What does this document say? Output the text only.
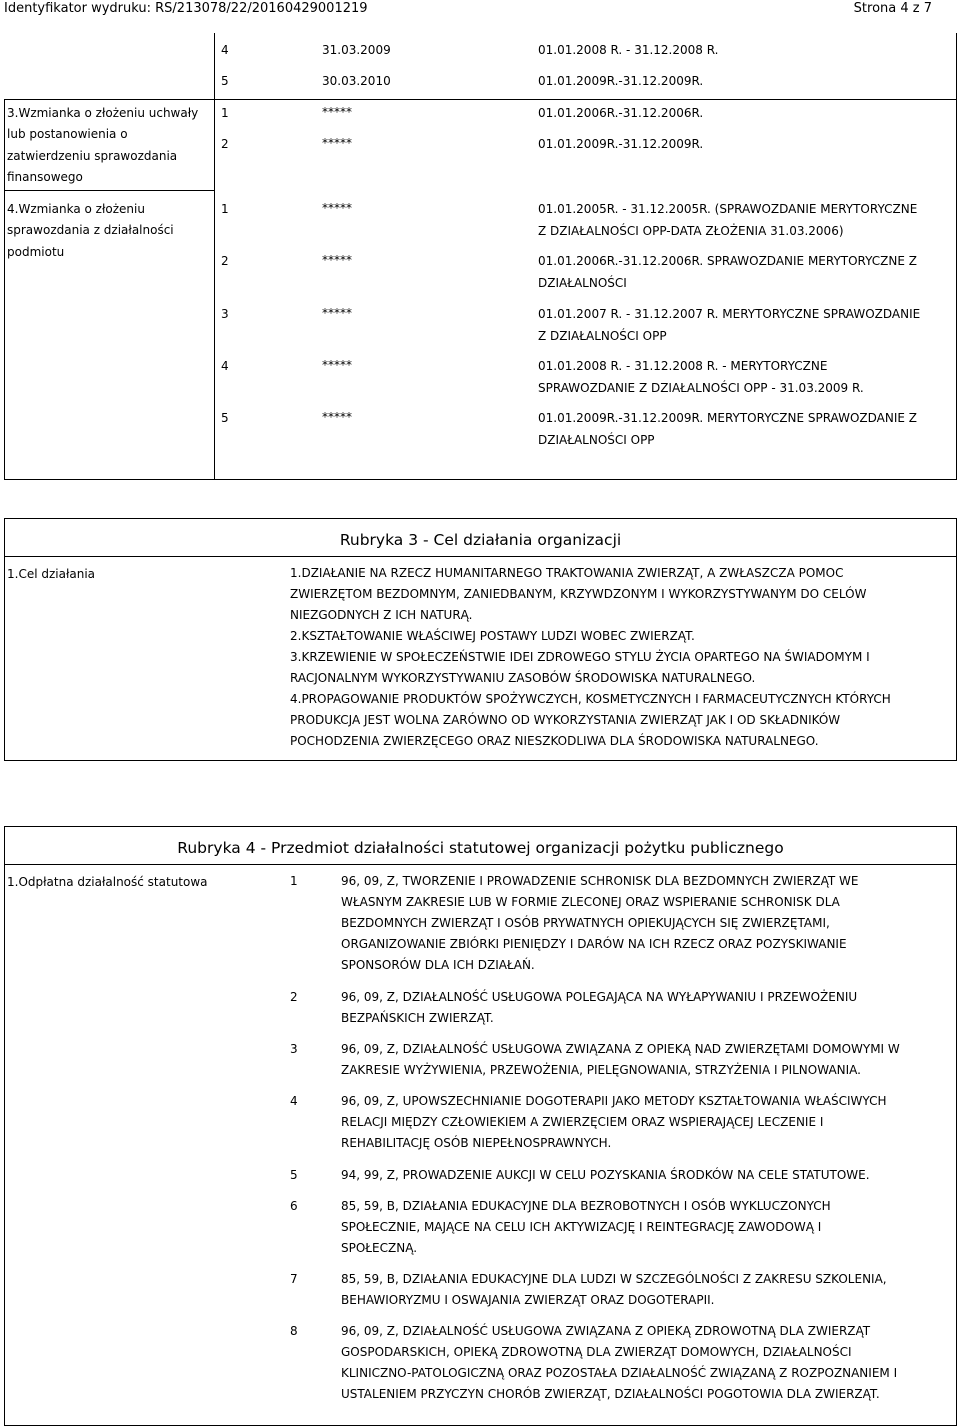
Identyfikator wydruku: RS/213078/22/20160429001219	Strona 4 z 7
4	31.03.2009	01.01.2008 R. - 31.12.2008 R.
5	30.03.2010	01.01.2009R.-31.12.2009R.
3.Wzmianka o złożeniu uchwały
lub postanowienia o
zatwierdzeniu sprawozdania
finansowego
1	*****	01.01.2006R.-31.12.2006R.
2	*****	01.01.2009R.-31.12.2009R.
4.Wzmianka o złożeniu
sprawozdania z działalności
podmiotu
1	*****	01.01.2005R. - 31.12.2005R. (SPRAWOZDANIE MERYTORYCZNE
Z DZIAŁALNOŚCI OPP-DATA ZŁOŻENIA 31.03.2006)
2	*****	01.01.2006R.-31.12.2006R. SPRAWOZDANIE MERYTORYCZNE Z
DZIAŁALNOŚCI
3	*****	01.01.2007 R. - 31.12.2007 R. MERYTORYCZNE SPRAWOZDANIE
Z DZIAŁALNOŚCI OPP
4	*****	01.01.2008 R. - 31.12.2008 R. - MERYTORYCZNE
SPRAWOZDANIE Z DZIAŁALNOŚCI OPP - 31.03.2009 R.
5	*****	01.01.2009R.-31.12.2009R. MERYTORYCZNE SPRAWOZDANIE Z
DZIAŁALNOŚCI OPP
Rubryka 3 - Cel działania organizacji
1.Cel działania	1.DZIAŁANIE NA RZECZ HUMANITARNEGO TRAKTOWANIA ZWIERZĄT, A ZWŁASZCZA POMOC
ZWIERZĘTOM BEZDOMNYM, ZANIEDBANYM, KRZYWDZONYM I WYKORZYSTYWANYM DO CELÓW
NIEZGODNYCH Z ICH NATURĄ.
2.KSZTAŁTOWANIE WŁAŚCIWEJ POSTAWY LUDZI WOBEC ZWIERZĄT.
3.KRZEWIENIE W SPOŁECZEŃSTWIE IDEI ZDROWEGO STYLU ŻYCIA OPARTEGO NA ŚWIADOMYM I
RACJONALNYM WYKORZYSTYWANIU ZASOBÓW ŚRODOWISKA NATURALNEGO.
4.PROPAGOWANIE PRODUKTÓW SPOŻYWCZYCH, KOSMETYCZNYCH I FARMACEUTYCZNYCH KTÓRYCH
PRODUKCJA JEST WOLNA ZARÓWNO OD WYKORZYSTANIA ZWIERZĄT JAK I OD SKŁADNIKÓW
POCHODZENIA ZWIERZĘCEGO ORAZ NIESZKODLIWA DLA ŚRODOWISKA NATURALNEGO.
Rubryka 4 - Przedmiot działalności statutowej organizacji pożytku publicznego
1.Odpłatna działalność statutowa	1	96, 09, Z, TWORZENIE I PROWADZENIE SCHRONISK DLA BEZDOMNYCH ZWIERZĄT WE
WŁASNYM ZAKRESIE LUB W FORMIE ZLECONEJ ORAZ WSPIERANIE SCHRONISK DLA
BEZDOMNYCH ZWIERZĄT I OSÓB PRYWATNYCH OPIEKUJĄCYCH SIĘ ZWIERZĘTAMI,
ORGANIZOWANIE ZBIÓRKI PIENIĘDZY I DARÓW NA ICH RZECZ ORAZ POZYSKIWANIE
SPONSORÓW DLA ICH DZIAŁAŃ.
2	96, 09, Z, DZIAŁALNOŚĆ USŁUGOWA POLEGAJĄCA NA WYŁAPYWANIU I PRZEWOŻENIU
BEZPAŃSKICH ZWIERZĄT.
3	96, 09, Z, DZIAŁALNOŚĆ USŁUGOWA ZWIĄZANA Z OPIEKĄ NAD ZWIERZĘTAMI DOMOWYMI W
ZAKRESIE WYŻYWIENIA, PRZEWOŻENIA, PIELĘGNOWANIA, STRZYŻENIA I PILNOWANIA.
4	96, 09, Z, UPOWSZECHNIANIE DOGOTERAPII JAKO METODY KSZTAŁTOWANIA WŁAŚCIWYCH
RELACJI MIĘDZY CZŁOWIEKIEM A ZWIERZĘCIEM ORAZ WSPIERAJĄCEJ LECZENIE I
REHABILITACJĘ OSÓB NIEPEŁNOSPRAWNYCH.
5	94, 99, Z, PROWADZENIE AUKCJI W CELU POZYSKANIA ŚRODKÓW NA CELE STATUTOWE.
6	85, 59, B, DZIAŁANIA EDUKACYJNE DLA BEZROBOTNYCH I OSÓB WYKLUCZONYCH
SPOŁECZNIE, MAJĄCE NA CELU ICH AKTYWIZACJĘ I REINTEGRACJĘ ZAWODOWĄ I
SPOŁECZNĄ.
7	85, 59, B, DZIAŁANIA EDUKACYJNE DLA LUDZI W SZCZEGÓLNOŚCI Z ZAKRESU SZKOLENIA,
BEHAWIORYZMU I OSWAJANIA ZWIERZĄT ORAZ DOGOTERAPII.
8	96, 09, Z, DZIAŁALNOŚĆ USŁUGOWA ZWIĄZANA Z OPIEKĄ ZDROWOTNĄ DLA ZWIERZĄT
GOSPODARSKICH, OPIEKĄ ZDROWOTNĄ DLA ZWIERZĄT DOMOWYCH, DZIAŁALNOŚCI
KLINICZNO-PATOLOGICZNĄ ORAZ POZOSTAŁA DZIAŁALNOŚĆ ZWIĄZANĄ Z ROZPOZNANIEM I
USTALENIEM PRZYCZYN CHORÓB ZWIERZĄT, DZIAŁALNOŚCI POGOTOWIA DLA ZWIERZĄT.
